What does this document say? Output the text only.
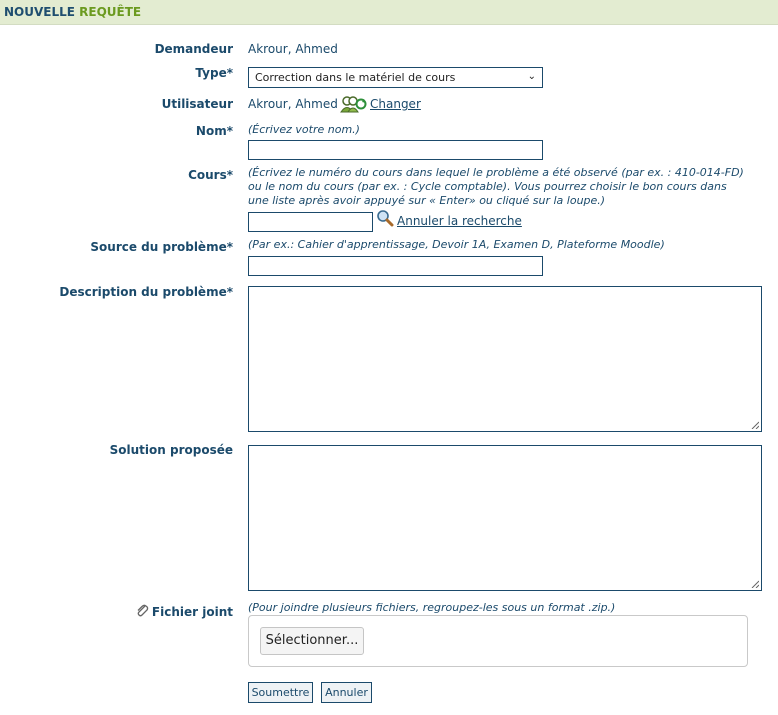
NOUVELLE REQUÊTE
Demandeur Akrour, Ahmed
Type*	Correction dans le matériel de cours	⌄
Utilisateur Akrour, Ahmed	Changer
Nom* (Écrivez votre nom.)
Cours* (Écrivez le numéro du cours dans lequel le problème a été observé (par ex. : 410-014-FD) ou le nom du cours (par ex. : Cycle comptable). Vous pourrez choisir le bon cours dans une liste après avoir appuyé sur « Enter» ou cliqué sur la loupe.)
Annuler la recherche
Source du problème* (Par ex.: Cahier d'apprentissage, Devoir 1A, Examen D, Plateforme Moodle)
Description du problème*
Solution proposée
Fichier joint (Pour joindre plusieurs fichiers, regroupez-les sous un format .zip.)
Sélectionner...
Soumettre	Annuler
